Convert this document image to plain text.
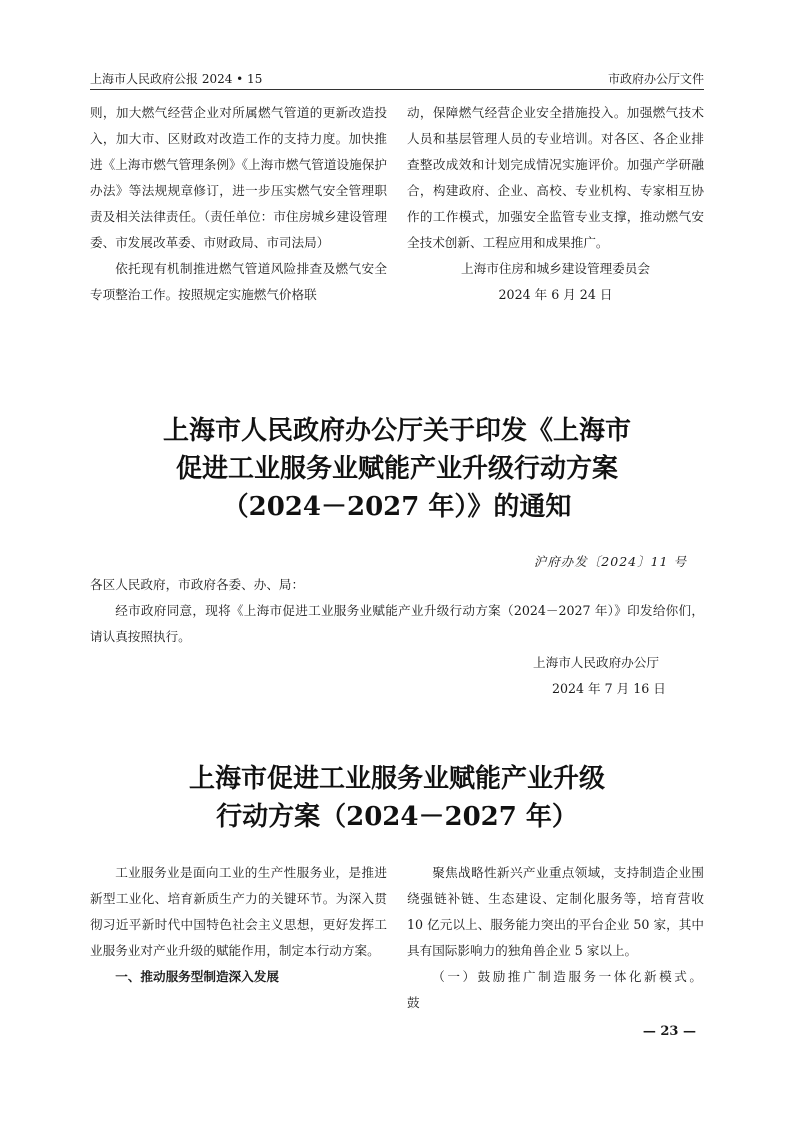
上海市人民政府公报 2024 • 15	市政府办公厅文件

则，加大燃气经营企业对所属燃气管道的更新改造投入，加大市、区财政对改造工作的支持力度。加快推进《上海市燃气管理条例》《上海市燃气管道设施保护办法》等法规规章修订，进一步压实燃气安全管理职责及相关法律责任。（责任单位：市住房城乡建设管理委、市发展改革委、市财政局、市司法局）

依托现有机制推进燃气管道风险排查及燃气安全专项整治工作。按照规定实施燃气价格联

动，保障燃气经营企业安全措施投入。加强燃气技术人员和基层管理人员的专业培训。对各区、各企业排查整改成效和计划完成情况实施评价。加强产学研融合，构建政府、企业、高校、专业机构、专家相互协作的工作模式，加强安全监管专业支撑，推动燃气安全技术创新、工程应用和成果推广。

上海市住房和城乡建设管理委员会

2024 年 6 月 24 日

上海市人民政府办公厅关于印发《上海市
促进工业服务业赋能产业升级行动方案
（2024－2027 年）》的通知
沪府办发〔2024〕11 号

各区人民政府，市政府各委、办、局：

经市政府同意，现将《上海市促进工业服务业赋能产业升级行动方案（2024－2027 年）》印发给你们，请认真按照执行。

上海市人民政府办公厅
2024 年 7 月 16 日
上海市促进工业服务业赋能产业升级
行动方案（2024－2027 年）

工业服务业是面向工业的生产性服务业，是推进新型工业化、培育新质生产力的关键环节。为深入贯彻习近平新时代中国特色社会主义思想，更好发挥工业服务业对产业升级的赋能作用，制定本行动方案。

一、推动服务型制造深入发展

聚焦战略性新兴产业重点领域，支持制造企业围绕强链补链、生态建设、定制化服务等，培育营收 10 亿元以上、服务能力突出的平台企业 50 家，其中具有国际影响力的独角兽企业 5 家以上。

（一）鼓励推广制造服务一体化新模式。鼓

— 23 —
